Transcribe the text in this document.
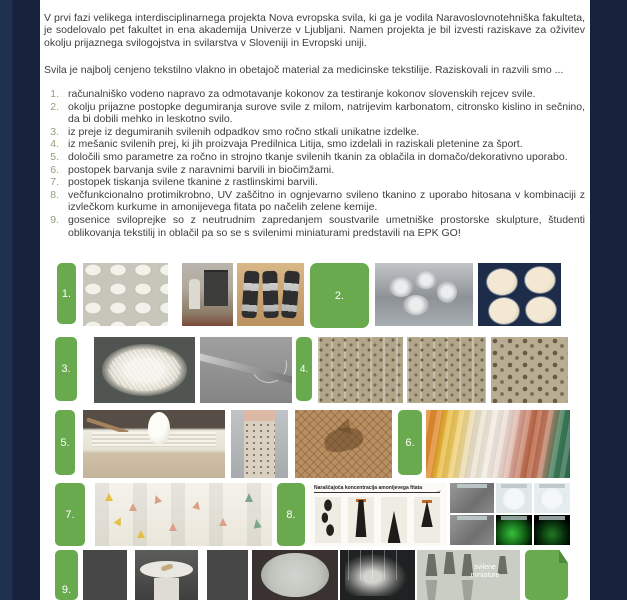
V prvi fazi velikega interdisciplinarnega projekta Nova evropska svila, ki ga je vodila Naravoslovnotehniška fakulteta, je sodelovalo pet fakultet in ena akademija Univerze v Ljubljani. Namen projekta je bil izvesti raziskave za oživitev okolju prijaznega svilogojstva in svilarstva v Sloveniji in Evropski uniji.

Svila je najbolj cenjeno tekstilno vlakno in obetajoč material za medicinske tekstilije. Raziskovali in razvili smo ...

1. računalniško vodeno napravo za odmotavanje kokonov za testiranje kokonov slovenskih rejcev svile.
2. okolju prijazne postopke degumiranja surove svile z milom, natrijevim karbonatom, citronsko kislino in sečnino, da bi dobili mehko in leskotno svilo.
3. iz preje iz degumiranih svilenih odpadkov smo ročno stkali unikatne izdelke.
4. iz mešanic svilenih prej, ki jih proizvaja Predilnica Litija, smo izdelali in raziskali pletenine za šport.
5. določili smo parametre za ročno in strojno tkanje svilenih tkanin za oblačila in domačo/dekorativno uporabo.
6. postopek barvanja svile z naravnimi barvili in biočimžami.
7. postopek tiskanja svilene tkanine z rastlinskimi barvili.
8. večfunkcionalno protimikrobno, UV zaščitno in ognjevarno svileno tkanino z uporabo hitosana v kombinaciji z izvlečkom kurkume in amonijevega fitata po načelih zelene kemije.
9. gosenice sviloprejke so z neutrudnim zapredanjem soustvarile umetniške prostorske skulpture, študenti oblikovanja tekstilij in oblačil pa so se s svilenimi miniaturami predstavili na EPK GO!
1.	2.
3.	4.
5.	6.
7.	8.
Naraščajoča koncentracija amonijevega fitata	→
9.
svilene miniature
